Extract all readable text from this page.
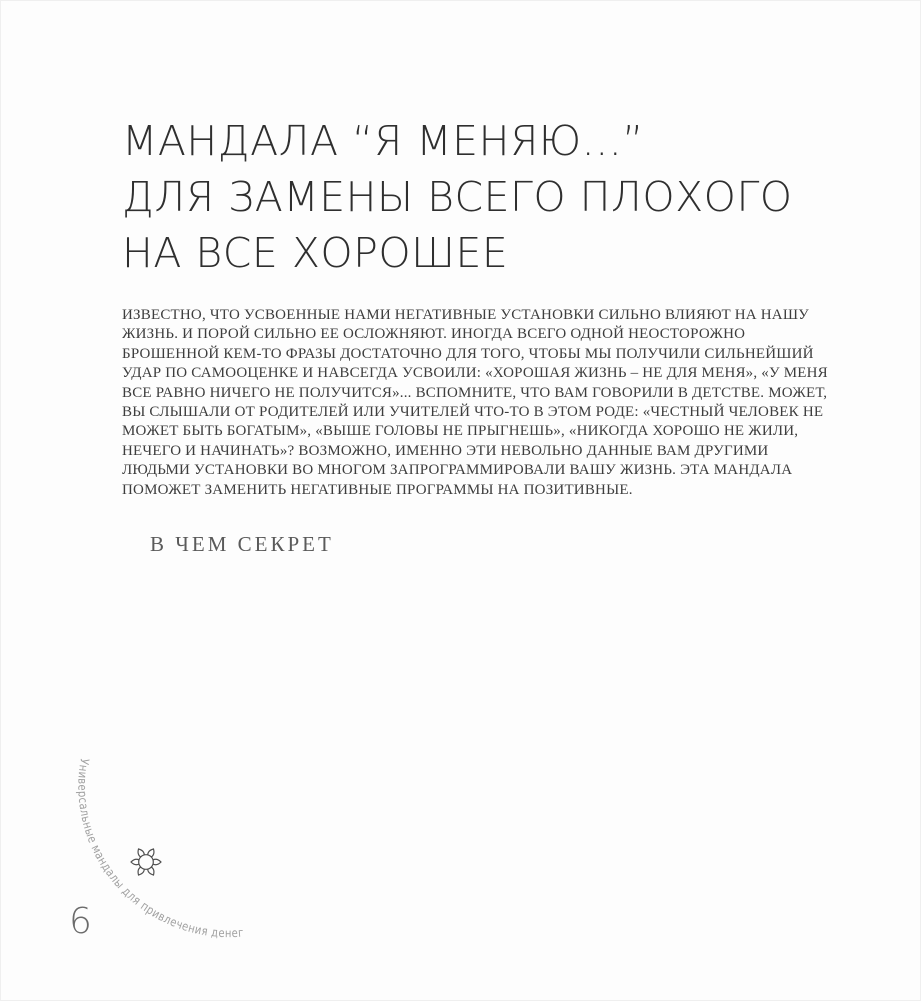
МАНДАЛА “Я МЕНЯЮ...”
ДЛЯ ЗАМЕНЫ ВСЕГО ПЛОХОГО
НА ВСЕ ХОРОШЕЕ

ИЗВЕСТНО, ЧТО УСВОЕННЫЕ НАМИ НЕГАТИВНЫЕ УСТАНОВКИ СИЛЬНО ВЛИЯЮТ НА НАШУ ЖИЗНЬ. И ПОРОЙ СИЛЬНО ЕЕ ОСЛОЖНЯЮТ. ИНОГДА ВСЕГО ОДНОЙ НЕОСТОРОЖНО БРОШЕННОЙ КЕМ-ТО ФРАЗЫ ДОСТАТОЧНО ДЛЯ ТОГО, ЧТОБЫ МЫ ПОЛУЧИЛИ СИЛЬНЕЙШИЙ УДАР ПО САМООЦЕНКЕ И НАВСЕГДА УСВОИЛИ: «ХОРОШАЯ ЖИЗНЬ – НЕ ДЛЯ МЕНЯ», «У МЕНЯ ВСЕ РАВНО НИЧЕГО НЕ ПОЛУЧИТСЯ»... ВСПОМНИТЕ, ЧТО ВАМ ГОВОРИЛИ В ДЕТСТВЕ. МОЖЕТ, ВЫ СЛЫШАЛИ ОТ РОДИТЕЛЕЙ ИЛИ УЧИТЕЛЕЙ ЧТО-ТО В ЭТОМ РОДЕ: «ЧЕСТНЫЙ ЧЕЛОВЕК НЕ МОЖЕТ БЫТЬ БОГАТЫМ», «ВЫШЕ ГОЛОВЫ НЕ ПРЫГНЕШЬ», «НИКОГДА ХОРОШО НЕ ЖИЛИ, НЕЧЕГО И НАЧИНАТЬ»? ВОЗМОЖНО, ИМЕННО ЭТИ НЕВОЛЬНО ДАННЫЕ ВАМ ДРУГИМИ ЛЮДЬМИ УСТАНОВКИ ВО МНОГОМ ЗАПРОГРАММИРОВАЛИ ВАШУ ЖИЗНЬ. ЭТА МАНДАЛА ПОМОЖЕТ ЗАМЕНИТЬ НЕГАТИВНЫЕ ПРОГРАММЫ НА ПОЗИТИВНЫЕ.

В ЧЕМ СЕКРЕТ
Универсальные мандалы для привлечения денег
6
